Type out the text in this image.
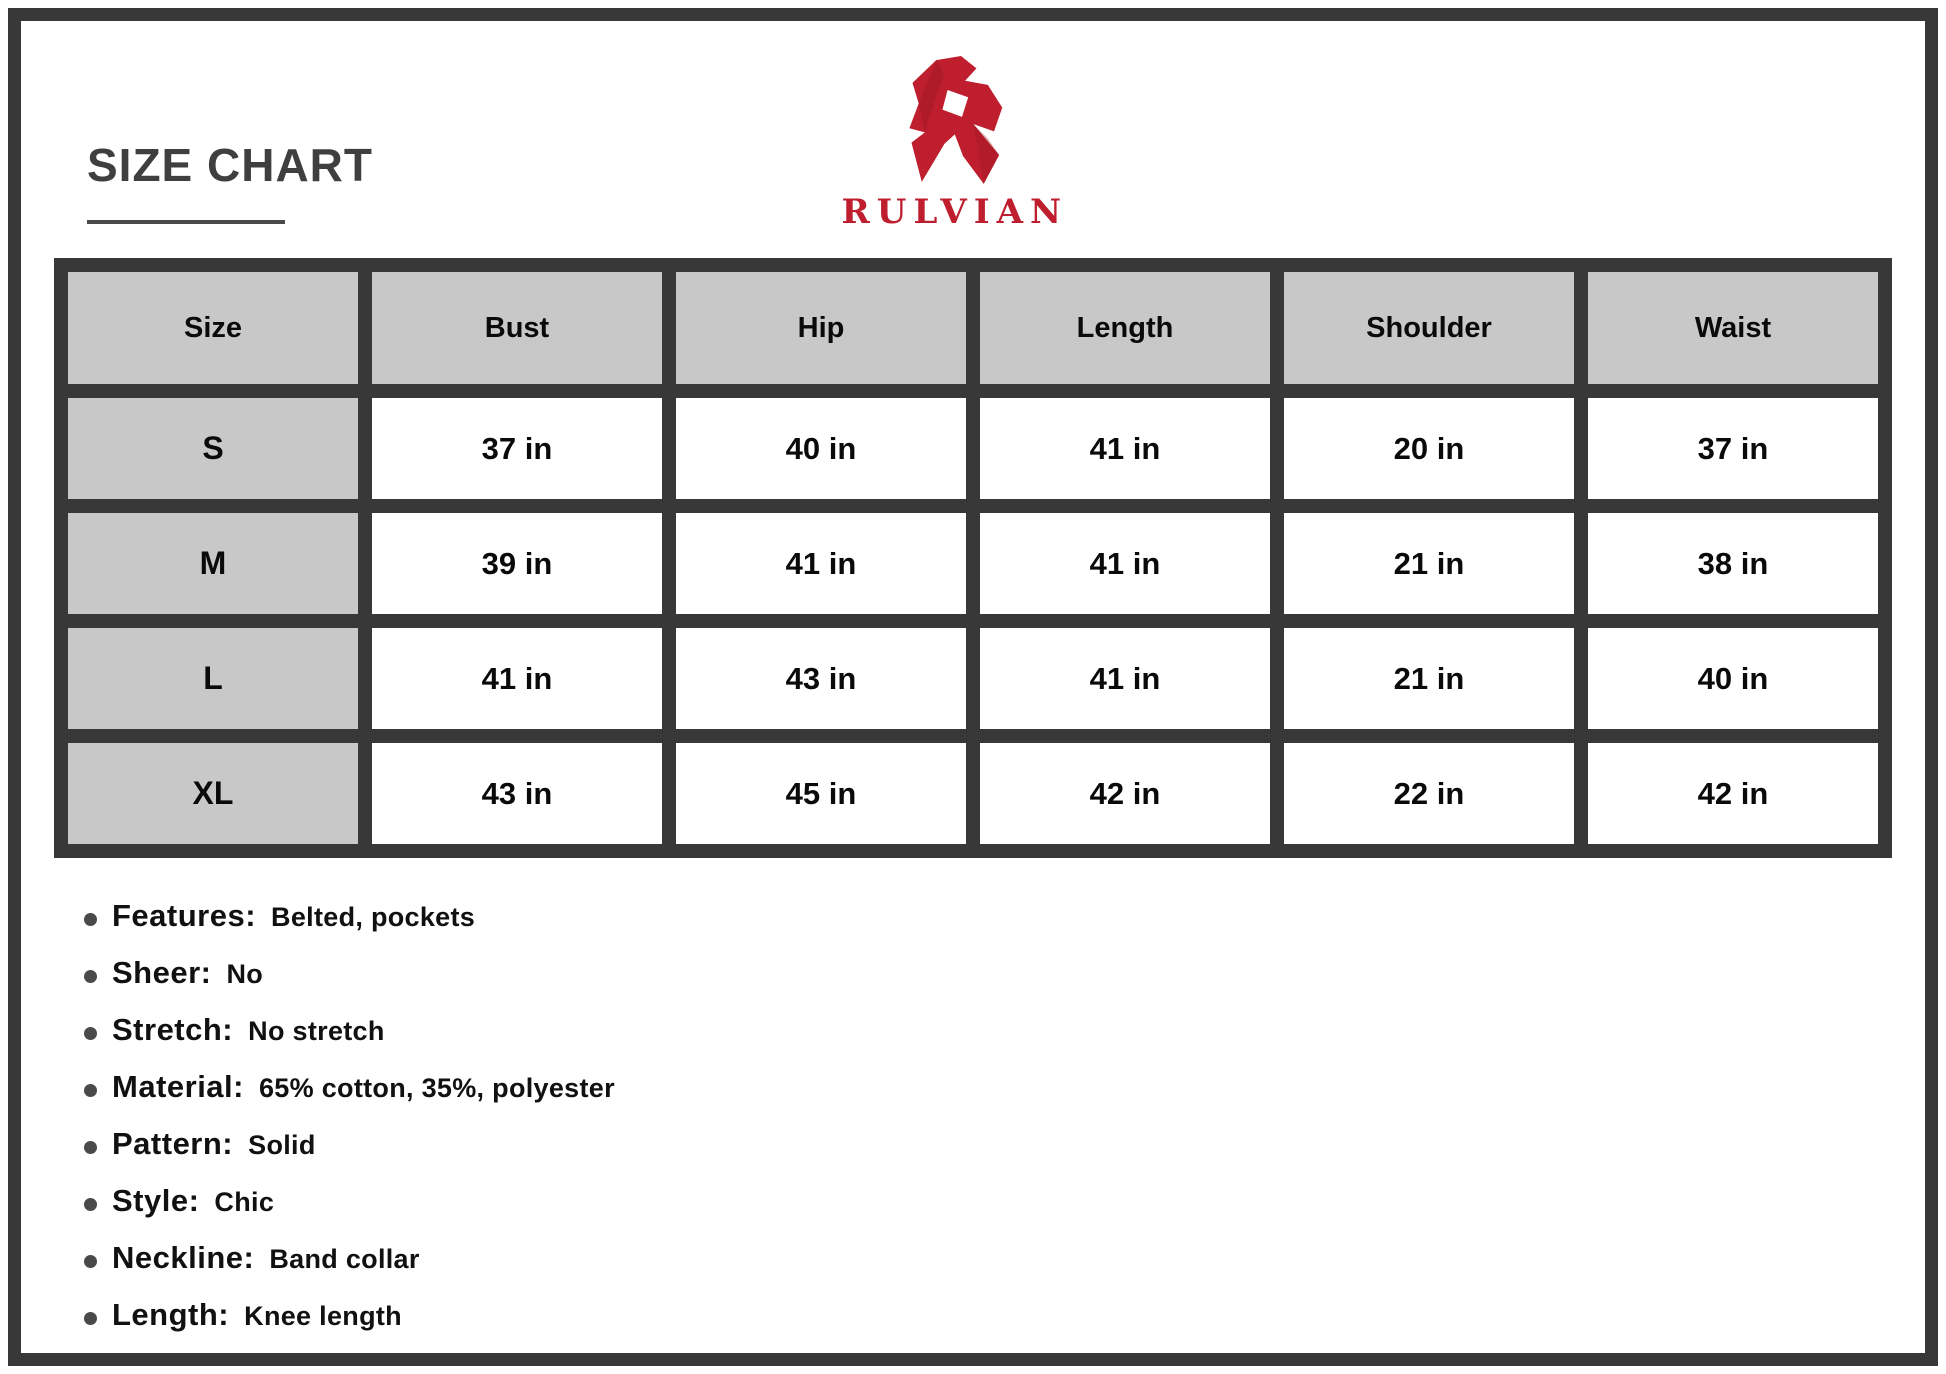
SIZE CHART
RULVIAN
Size	Bust	Hip	Length	Shoulder	Waist
S	37 in	40 in	41 in	20 in	37 in
M	39 in	41 in	41 in	21 in	38 in
L	41 in	43 in	41 in	21 in	40 in
XL	43 in	45 in	42 in	22 in	42 in
Features: Belted, pockets
Sheer: No
Stretch: No stretch
Material: 65% cotton, 35%, polyester
Pattern: Solid
Style: Chic
Neckline: Band collar
Length: Knee length
